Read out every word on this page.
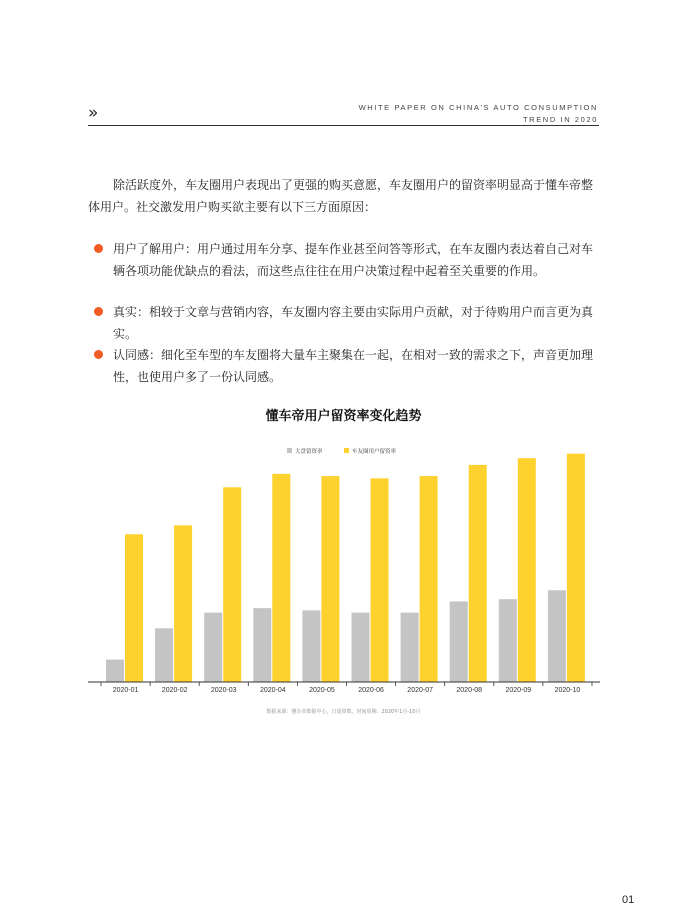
»	WHITE PAPER ON CHINA'S AUTO CONSUMPTION
TREND IN 2020
除活跃度外，车友圈用户表现出了更强的购买意愿，车友圈用户的留资率明显高于懂车帝整体用户。社交激发用户购买欲主要有以下三方面原因：
用户了解用户：用户通过用车分享、提车作业甚至问答等形式，在车友圈内表达着自己对车辆各项功能优缺点的看法，而这些点往往在用户决策过程中起着至关重要的作用。
真实：相较于文章与营销内容，车友圈内容主要由实际用户贡献，对于待购用户而言更为真实。
认同感：细化至车型的车友圈将大量车主聚集在一起，在相对一致的需求之下，声音更加理性，也使用户多了一份认同感。
懂车帝用户留资率变化趋势
大盘留资率	车友圈用户留资率
2020-01	2020-02	2020-03	2020-04	2020-05	2020-06	2020-07	2020-08	2020-09	2020-10
数据来源：懂车帝数据中心，日量算数，时间周期：2020年1月-10月
01
